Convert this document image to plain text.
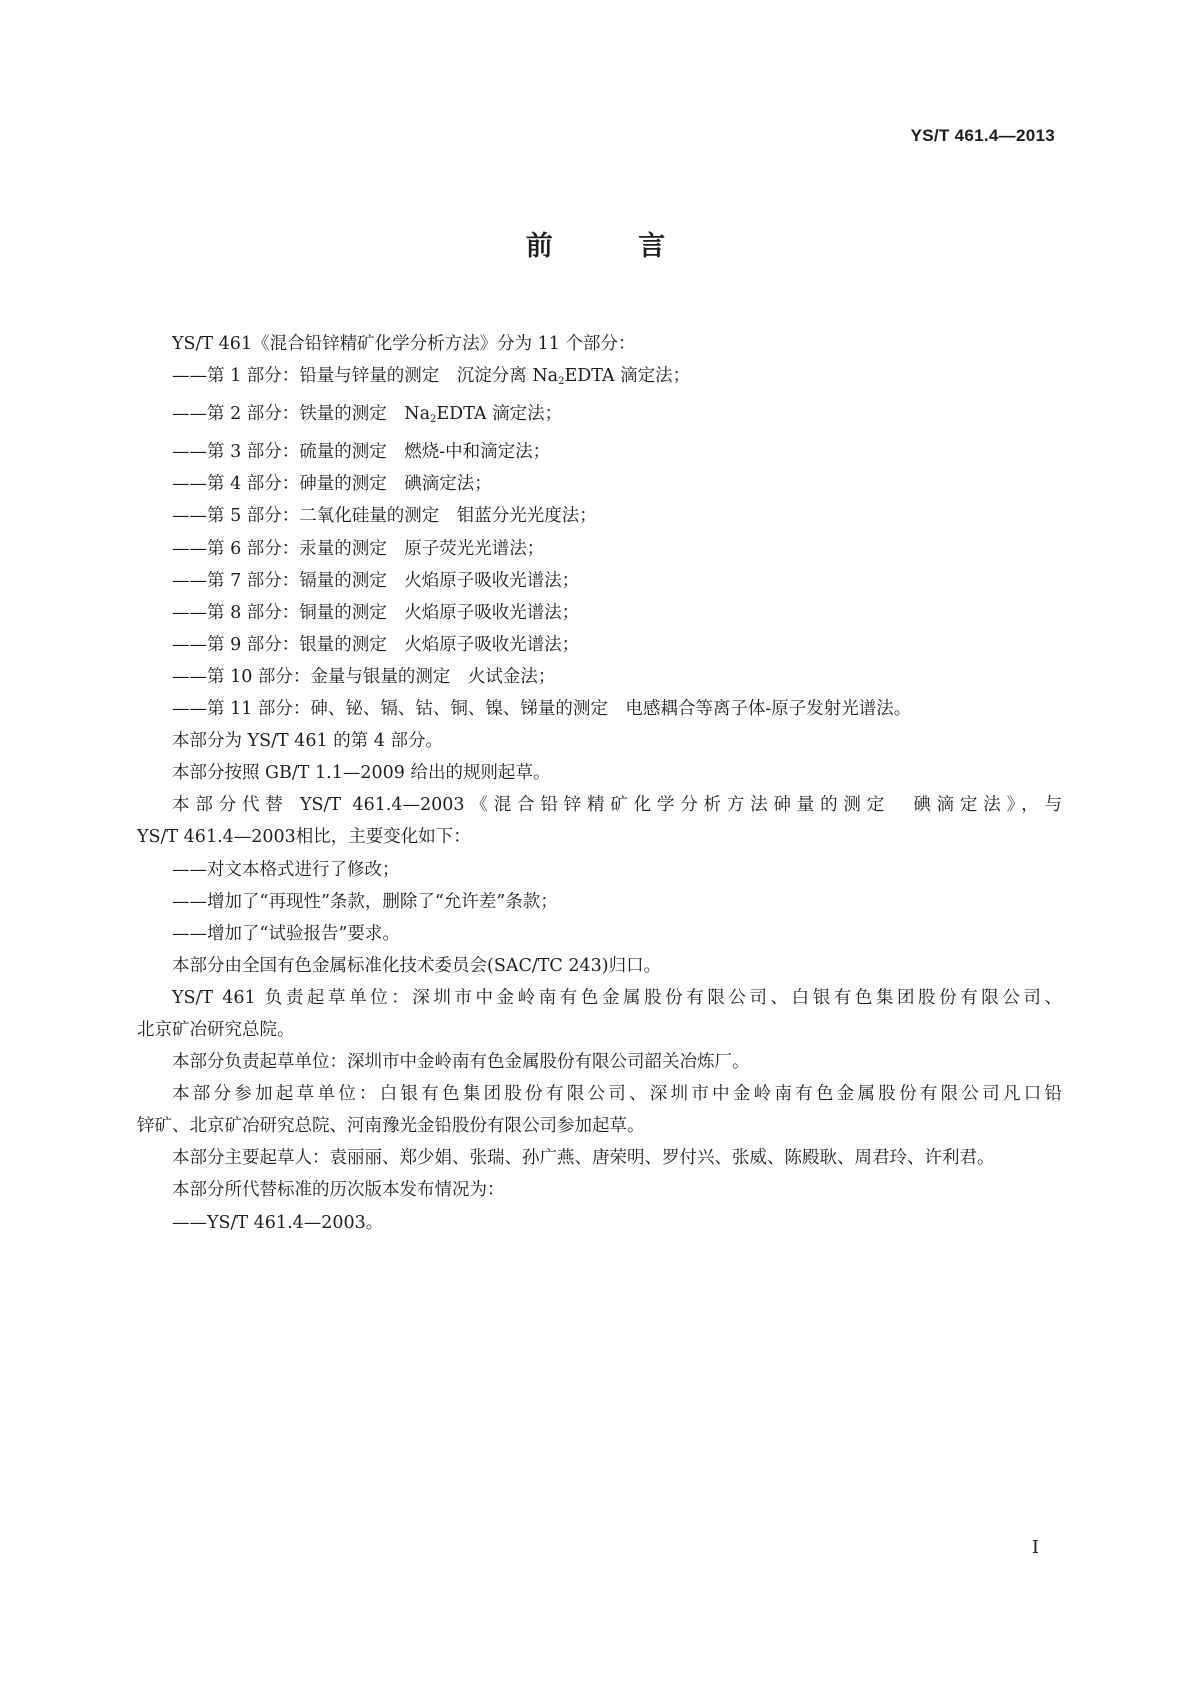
YS/T 461.4—2013
前 言

YS/T 461《混合铅锌精矿化学分析方法》分为 11 个部分：

——第 1 部分：铅量与锌量的测定　沉淀分离 $Na_2EDTA$ 滴定法；

——第 2 部分：铁量的测定　$Na_2EDTA$ 滴定法；

——第 3 部分：硫量的测定　燃烧-中和滴定法；

——第 4 部分：砷量的测定　碘滴定法；

——第 5 部分：二氧化硅量的测定　钼蓝分光光度法；

——第 6 部分：汞量的测定　原子荧光光谱法；

——第 7 部分：镉量的测定　火焰原子吸收光谱法；

——第 8 部分：铜量的测定　火焰原子吸收光谱法；

——第 9 部分：银量的测定　火焰原子吸收光谱法；

——第 10 部分：金量与银量的测定　火试金法；

——第 11 部分：砷、铋、镉、钴、铜、镍、锑量的测定　电感耦合等离子体-原子发射光谱法。

本部分为 YS/T 461 的第 4 部分。

本部分按照 GB/T 1.1—2009 给出的规则起草。

本部分代替 YS/T 461.4—2003《混合铅锌精矿化学分析方法砷量的测定　碘滴定法》，与

YS/T 461.4—2003相比，主要变化如下：

——对文本格式进行了修改；

——增加了“再现性”条款，删除了“允许差”条款；

——增加了“试验报告”要求。

本部分由全国有色金属标准化技术委员会(SAC/TC 243)归口。

YS/T 461 负责起草单位：深圳市中金岭南有色金属股份有限公司、白银有色集团股份有限公司、

北京矿冶研究总院。

本部分负责起草单位：深圳市中金岭南有色金属股份有限公司韶关冶炼厂。

本部分参加起草单位：白银有色集团股份有限公司、深圳市中金岭南有色金属股份有限公司凡口铅

锌矿、北京矿冶研究总院、河南豫光金铅股份有限公司参加起草。

本部分主要起草人：袁丽丽、郑少娟、张瑞、孙广燕、唐荣明、罗付兴、张威、陈殿耿、周君玲、许利君。

本部分所代替标准的历次版本发布情况为：

——YS/T 461.4—2003。

I
